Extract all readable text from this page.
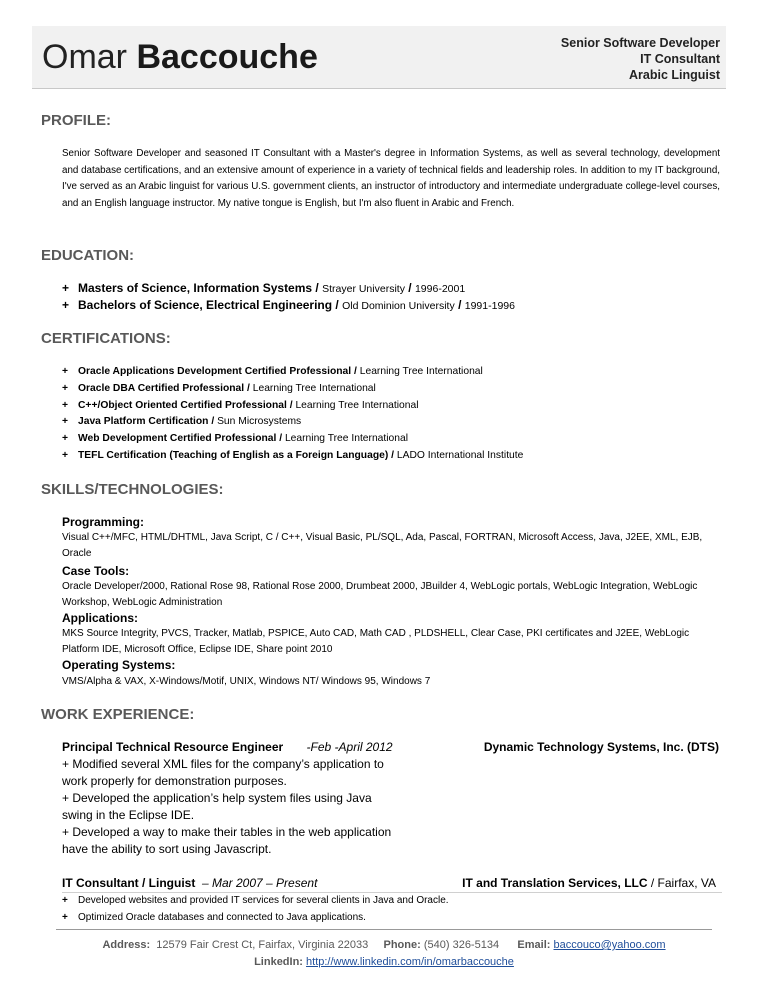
Omar Baccouche	Senior Software Developer
IT Consultant
Arabic Linguist
PROFILE:
Senior Software Developer and seasoned IT Consultant with a Master's degree in Information Systems, as well as several technology, development and database certifications, and an extensive amount of experience in a variety of technical fields and leadership roles. In addition to my IT background, I've served as an Arabic linguist for various U.S. government clients, an instructor of introductory and intermediate undergraduate college-level courses, and an English language instructor. My native tongue is English, but I'm also fluent in Arabic and French.
EDUCATION:
+ Masters of Science, Information Systems / Strayer University / 1996-2001
+ Bachelors of Science, Electrical Engineering / Old Dominion University / 1991-1996
CERTIFICATIONS:
+ Oracle Applications Development Certified Professional / Learning Tree International
+ Oracle DBA Certified Professional / Learning Tree International
+ C++/Object Oriented Certified Professional / Learning Tree International
+ Java Platform Certification / Sun Microsystems
+ Web Development Certified Professional / Learning Tree International
+ TEFL Certification (Teaching of English as a Foreign Language) / LADO International Institute
SKILLS/TECHNOLOGIES:
Programming:
Visual C++/MFC, HTML/DHTML, Java Script, C / C++, Visual Basic, PL/SQL, Ada, Pascal, FORTRAN, Microsoft Access, Java, J2EE, XML, EJB, Oracle
Case Tools:
Oracle Developer/2000, Rational Rose 98, Rational Rose 2000, Drumbeat 2000, JBuilder 4, WebLogic portals, WebLogic Integration, WebLogic Workshop, WebLogic Administration
Applications:
MKS Source Integrity, PVCS, Tracker, Matlab, PSPICE, Auto CAD, Math CAD , PLDSHELL, Clear Case, PKI certificates and J2EE, WebLogic Platform IDE, Microsoft Office, Eclipse IDE, Share point 2010
Operating Systems:
VMS/Alpha & VAX, X-Windows/Motif, UNIX, Windows NT/ Windows 95, Windows 7
WORK EXPERIENCE:
Principal Technical Resource Engineer -Feb -April 2012	Dynamic Technology Systems, Inc. (DTS)
+ Modified several XML files for the company’s application to work properly for demonstration purposes.
+ Developed the application’s help system files using Java swing in the Eclipse IDE.
+ Developed a way to make their tables in the web application have the ability to sort using Javascript.
IT Consultant / Linguist – Mar 2007 – Present	IT and Translation Services, LLC / Fairfax, VA
+ Developed websites and provided IT services for several clients in Java and Oracle.
+ Optimized Oracle databases and connected to Java applications.
Address: 12579 Fair Crest Ct, Fairfax, Virginia 22033 Phone: (540) 326-5134 Email: baccouco@yahoo.com
LinkedIn: http://www.linkedin.com/in/omarbaccouche
